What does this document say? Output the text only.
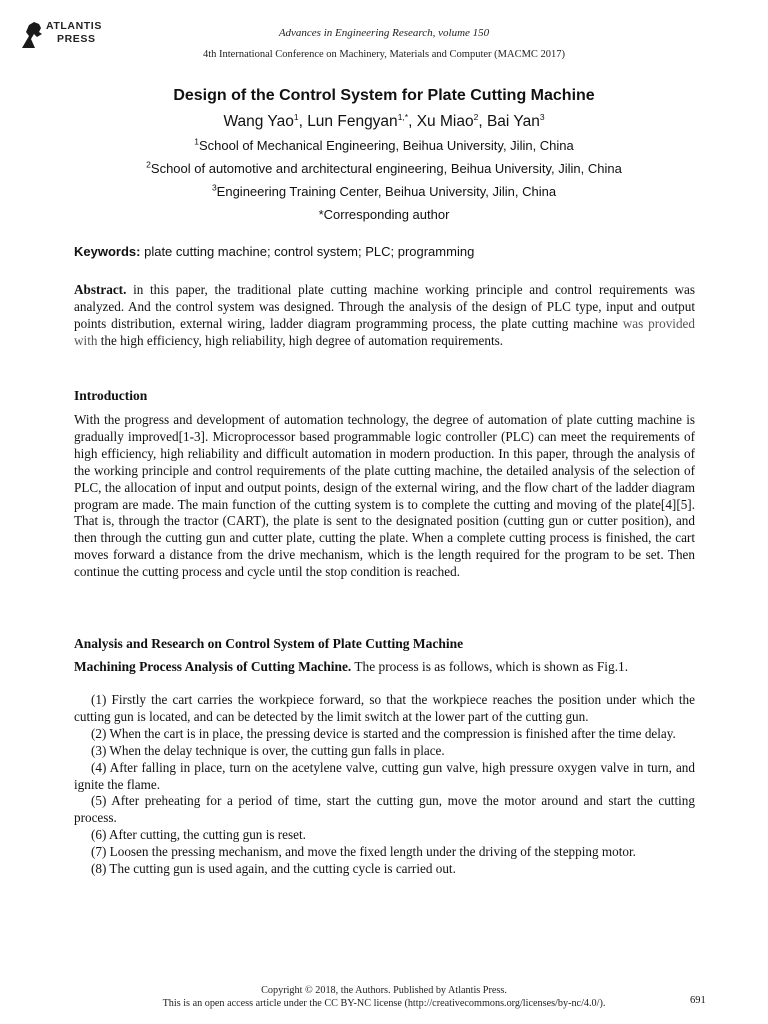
ATLANTIS
PRESS	Advances in Engineering Research, volume 150
4th International Conference on Machinery, Materials and Computer (MACMC 2017)
Design of the Control System for Plate Cutting Machine
Wang Yao$^1$, Lun Fengyan$^{1,*}$, Xu Miao$^2$, Bai Yan$^3$
$^1$School of Mechanical Engineering, Beihua University, Jilin, China
$^2$School of automotive and architectural engineering, Beihua University, Jilin, China
$^3$Engineering Training Center, Beihua University, Jilin, China
*Corresponding author
Keywords: plate cutting machine; control system; PLC; programming
Abstract. in this paper, the traditional plate cutting machine working principle and control requirements was analyzed. And the control system was designed. Through the analysis of the design of PLC type, input and output points distribution, external wiring, ladder diagram programming process, the plate cutting machine was provided with the high efficiency, high reliability, high degree of automation requirements.
Introduction
With the progress and development of automation technology, the degree of automation of plate cutting machine is gradually improved[1-3]. Microprocessor based programmable logic controller (PLC) can meet the requirements of high efficiency, high reliability and difficult automation in modern production. In this paper, through the analysis of the working principle and control requirements of the plate cutting machine, the detailed analysis of the selection of PLC, the allocation of input and output points, design of the external wiring, and the flow chart of the ladder diagram program are made. The main function of the cutting system is to complete the cutting and moving of the plate[4][5]. That is, through the tractor (CART), the plate is sent to the designated position (cutting gun or cutter position), and then through the cutting gun and cutter plate, cutting the plate. When a complete cutting process is finished, the cart moves forward a distance from the drive mechanism, which is the length required for the program to be set. Then continue the cutting process and cycle until the stop condition is reached.
Analysis and Research on Control System of Plate Cutting Machine
Machining Process Analysis of Cutting Machine. The process is as follows, which is shown as Fig.1.

(1) Firstly the cart carries the workpiece forward, so that the workpiece reaches the position under which the cutting gun is located, and can be detected by the limit switch at the lower part of the cutting gun.

(2) When the cart is in place, the pressing device is started and the compression is finished after the time delay.

(3) When the delay technique is over, the cutting gun falls in place.

(4) After falling in place, turn on the acetylene valve, cutting gun valve, high pressure oxygen valve in turn, and ignite the flame.

(5) After preheating for a period of time, start the cutting gun, move the motor around and start the cutting process.

(6) After cutting, the cutting gun is reset.

(7) Loosen the pressing mechanism, and move the fixed length under the driving of the stepping motor.

(8) The cutting gun is used again, and the cutting cycle is carried out.

Copyright © 2018, the Authors. Published by Atlantis Press.
This is an open access article under the CC BY-NC license (http://creativecommons.org/licenses/by-nc/4.0/).	691
